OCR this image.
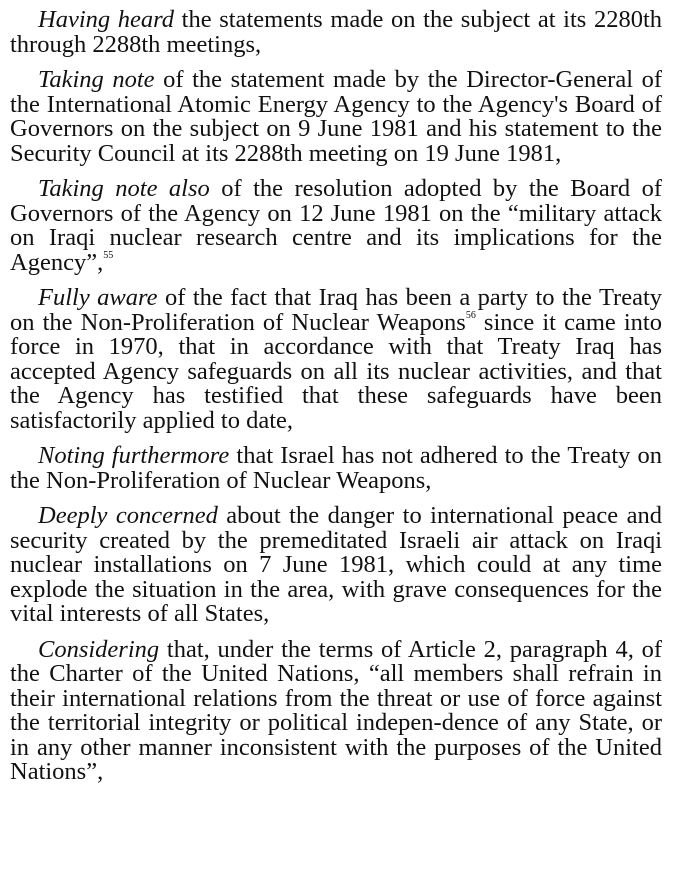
Having heard the statements made on the subject at its 2280th through 2288th meetings,

Taking note of the statement made by the Director-General of the International Atomic Energy Agency to the Agency's Board of Governors on the subject on 9 June 1981 and his statement to the Security Council at its 2288th meeting on 19 June 1981,

Taking note also of the resolution adopted by the Board of Governors of the Agency on 12 June 1981 on the “military attack on Iraqi nuclear research centre and its implications for the Agency”,$^{55}$

Fully aware of the fact that Iraq has been a party to the Treaty on the Non-Proliferation of Nuclear Weapons$^{56}$ since it came into force in 1970, that in accordance with that Treaty Iraq has accepted Agency safeguards on all its nuclear activities, and that the Agency has testified that these safeguards have been satisfactorily applied to date,

Noting furthermore that Israel has not adhered to the Treaty on the Non-Proliferation of Nuclear Weapons,

Deeply concerned about the danger to international peace and security created by the premeditated Israeli air attack on Iraqi nuclear installations on 7 June 1981, which could at any time explode the situation in the area, with grave consequences for the vital interests of all States,

Considering that, under the terms of Article 2, paragraph 4, of the Charter of the United Nations, “all members shall refrain in their international relations from the threat or use of force against the territorial integrity or political indepen-dence of any State, or in any other manner inconsistent with the purposes of the United Nations”,
